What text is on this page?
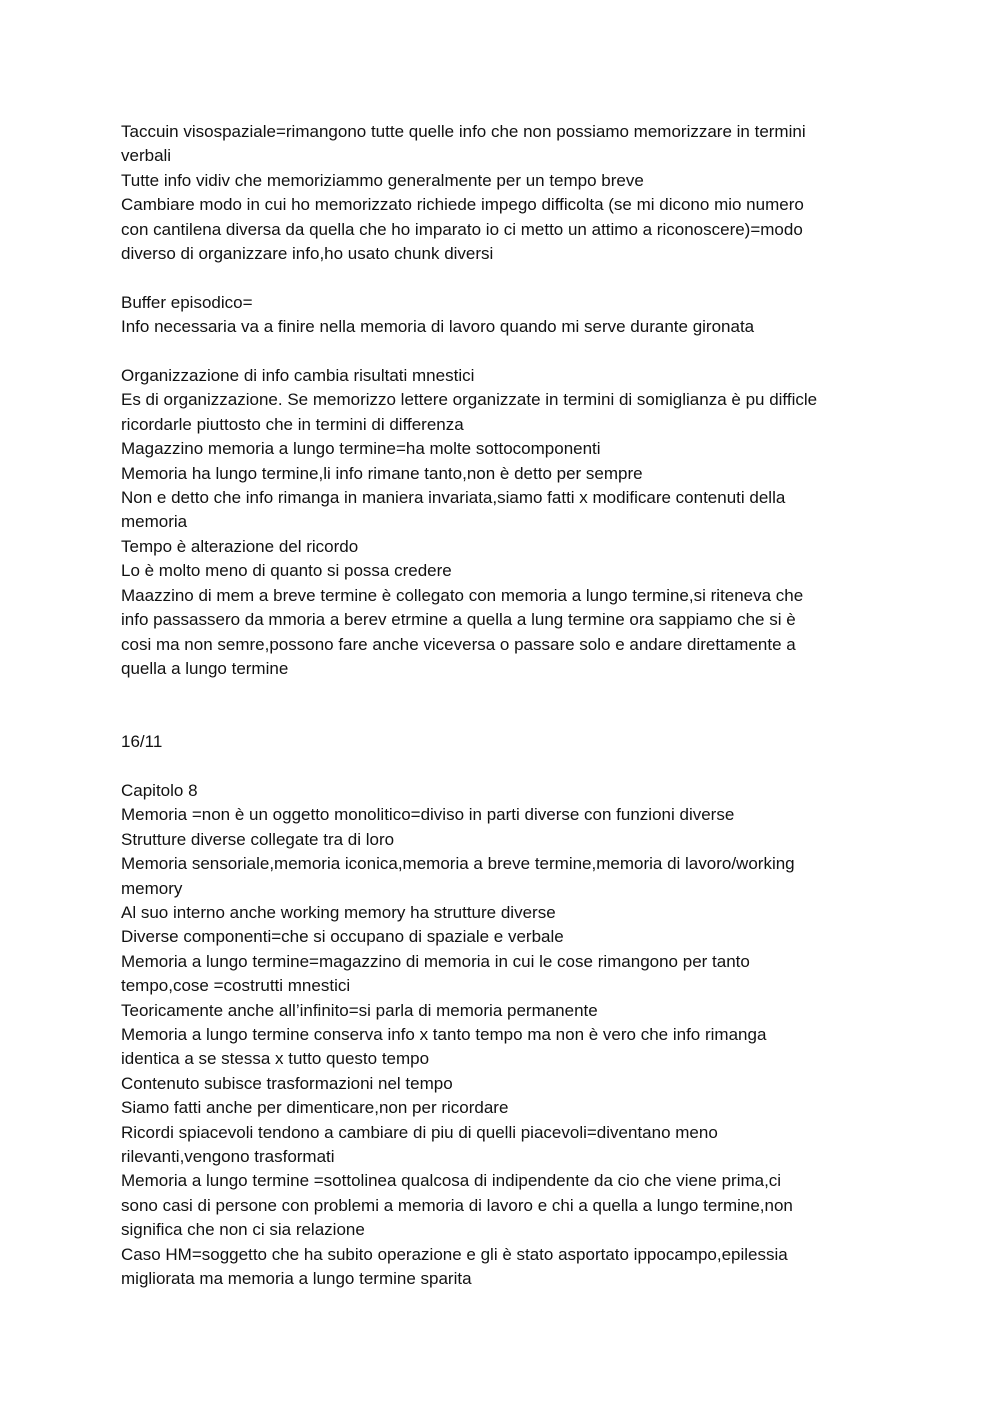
Taccuin visospaziale=rimangono tutte quelle info che non possiamo memorizzare in termini
verbali
Tutte info vidiv che memoriziammo generalmente per un tempo breve
Cambiare modo in cui ho memorizzato richiede impego difficolta (se mi dicono mio numero
con cantilena diversa da quella che ho imparato io ci metto un attimo a riconoscere)=modo
diverso di organizzare info,ho usato chunk diversi
Buffer episodico=
Info necessaria va a finire nella memoria di lavoro quando mi serve durante gironata
Organizzazione di info cambia risultati mnestici
Es di organizzazione. Se memorizzo lettere organizzate in termini di somiglianza è pu difficle
ricordarle piuttosto che in termini di differenza
Magazzino memoria a lungo termine=ha molte sottocomponenti
Memoria ha lungo termine,li info rimane tanto,non è detto per sempre
Non e detto che info rimanga in maniera invariata,siamo fatti x modificare contenuti della
memoria
Tempo è alterazione del ricordo
Lo è molto meno di quanto si possa credere
Maazzino di mem a breve termine è collegato con memoria a lungo termine,si riteneva che
info passassero da mmoria a berev etrmine a quella a lung termine ora sappiamo che si è
cosi ma non semre,possono fare anche viceversa o passare solo e andare direttamente a
quella a lungo termine
16/11
Capitolo 8
Memoria =non è un oggetto monolitico=diviso in parti diverse con funzioni diverse
Strutture diverse collegate tra di loro
Memoria sensoriale,memoria iconica,memoria a breve termine,memoria di lavoro/working
memory
Al suo interno anche working memory ha strutture diverse
Diverse componenti=che si occupano di spaziale e verbale
Memoria a lungo termine=magazzino di memoria in cui le cose rimangono per tanto
tempo,cose =costrutti mnestici
Teoricamente anche all’infinito=si parla di memoria permanente
Memoria a lungo termine conserva info x tanto tempo ma non è vero che info rimanga
identica a se stessa x tutto questo tempo
Contenuto subisce trasformazioni nel tempo
Siamo fatti anche per dimenticare,non per ricordare
Ricordi spiacevoli tendono a cambiare di piu di quelli piacevoli=diventano meno
rilevanti,vengono trasformati
Memoria a lungo termine =sottolinea qualcosa di indipendente da cio che viene prima,ci
sono casi di persone con problemi a memoria di lavoro e chi a quella a lungo termine,non
significa che non ci sia relazione
Caso HM=soggetto che ha subito operazione e gli è stato asportato ippocampo,epilessia
migliorata ma memoria a lungo termine sparita
